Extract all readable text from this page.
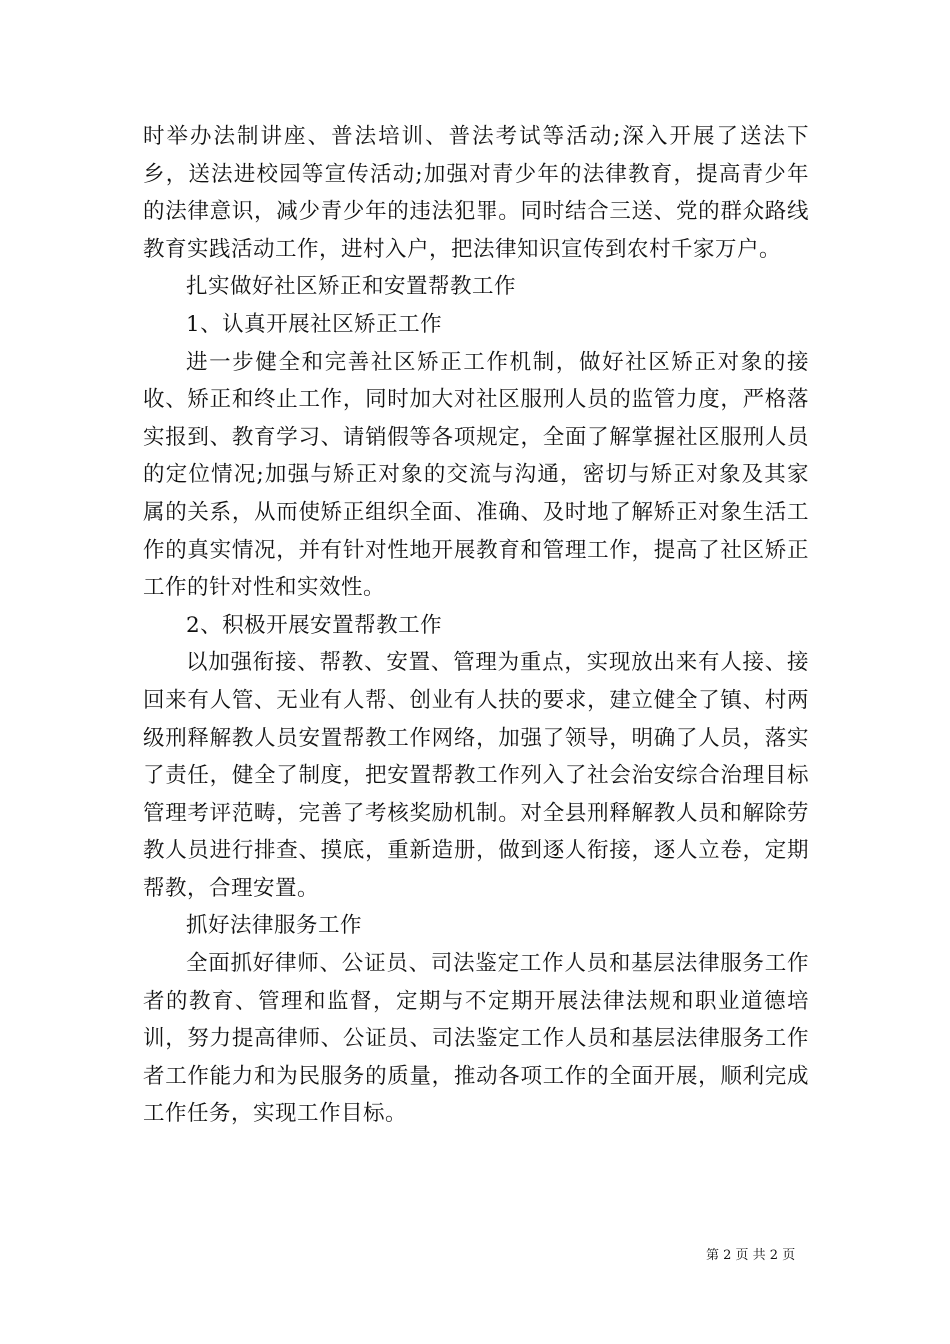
时举办法制讲座、普法培训、普法考试等活动;深入开展了送法下乡，送法进校园等宣传活动;加强对青少年的法律教育，提高青少年的法律意识，减少青少年的违法犯罪。同时结合三送、党的群众路线教育实践活动工作，进村入户，把法律知识宣传到农村千家万户。

扎实做好社区矫正和安置帮教工作

1、认真开展社区矫正工作

进一步健全和完善社区矫正工作机制，做好社区矫正对象的接收、矫正和终止工作，同时加大对社区服刑人员的监管力度，严格落实报到、教育学习、请销假等各项规定，全面了解掌握社区服刑人员的定位情况;加强与矫正对象的交流与沟通，密切与矫正对象及其家属的关系，从而使矫正组织全面、准确、及时地了解矫正对象生活工作的真实情况，并有针对性地开展教育和管理工作，提高了社区矫正工作的针对性和实效性。

2、积极开展安置帮教工作

以加强衔接、帮教、安置、管理为重点，实现放出来有人接、接回来有人管、无业有人帮、创业有人扶的要求，建立健全了镇、村两级刑释解教人员安置帮教工作网络，加强了领导，明确了人员，落实了责任，健全了制度，把安置帮教工作列入了社会治安综合治理目标管理考评范畴，完善了考核奖励机制。对全县刑释解教人员和解除劳教人员进行排查、摸底，重新造册，做到逐人衔接，逐人立卷，定期帮教，合理安置。

抓好法律服务工作

全面抓好律师、公证员、司法鉴定工作人员和基层法律服务工作者的教育、管理和监督，定期与不定期开展法律法规和职业道德培训，努力提高律师、公证员、司法鉴定工作人员和基层法律服务工作者工作能力和为民服务的质量，推动各项工作的全面开展，顺利完成工作任务，实现工作目标。

第 2 页 共 2 页
